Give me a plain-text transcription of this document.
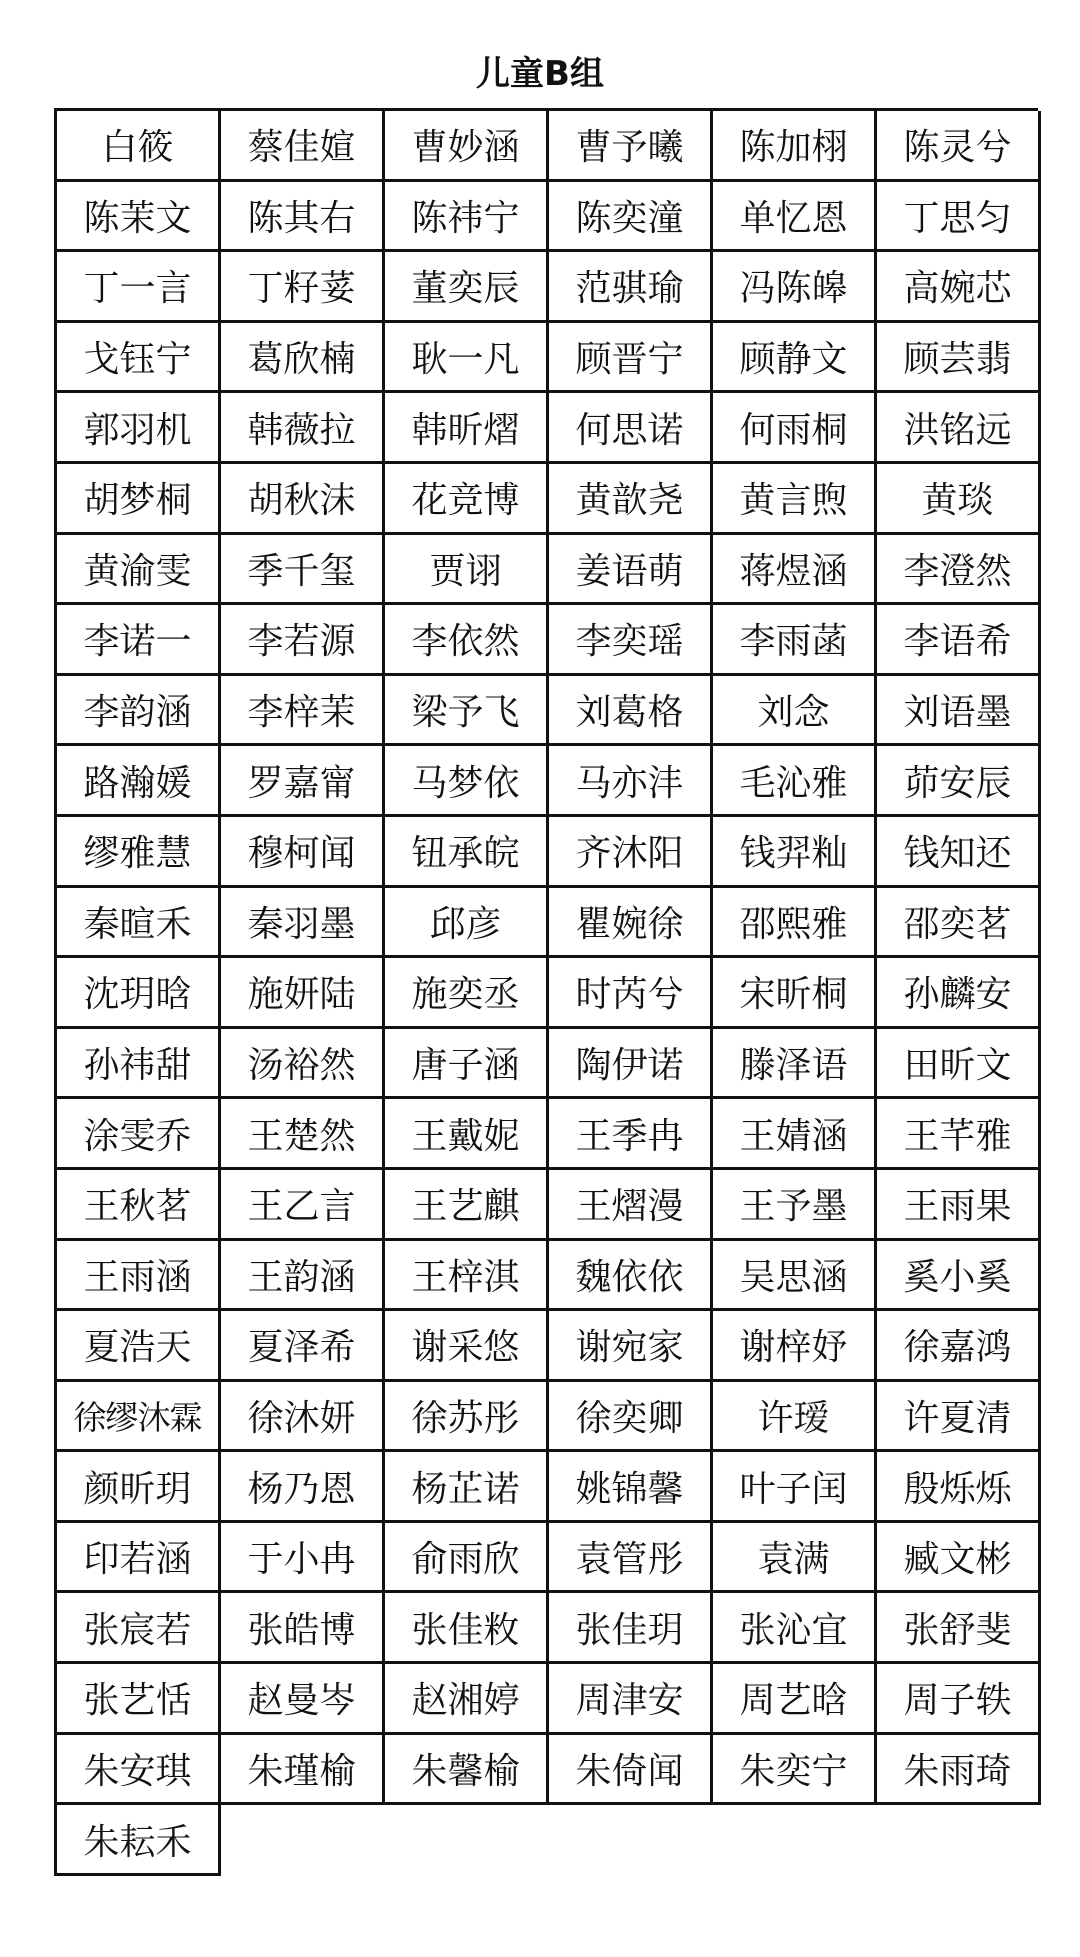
儿童B组
白筱	蔡佳媗	曹妙涵	曹予曦	陈加栩	陈灵兮
陈茉文	陈其右	陈祎宁	陈奕潼	单忆恩	丁思匀
丁一言	丁籽荽	董奕辰	范骐瑜	冯陈皞	高婉芯
戈钰宁	葛欣楠	耿一凡	顾晋宁	顾静文	顾芸翡
郭羽机	韩薇拉	韩昕熠	何思诺	何雨桐	洪铭远
胡梦桐	胡秋沫	花竞博	黄歆尧	黄言煦	黄琰
黄渝雯	季千玺	贾诩	姜语萌	蒋煜涵	李澄然
李诺一	李若源	李依然	李奕瑶	李雨菡	李语希
李韵涵	李梓茉	梁予飞	刘葛格	刘念	刘语墨
路瀚媛	罗嘉甯	马梦依	马亦沣	毛沁雅	茆安辰
缪雅慧	穆柯闻	钮承皖	齐沐阳	钱羿籼	钱知还
秦暄禾	秦羽墨	邱彦	瞿婉徐	邵熙雅	邵奕茗
沈玥晗	施妍陆	施奕丞	时芮兮	宋昕桐	孙麟安
孙祎甜	汤裕然	唐子涵	陶伊诺	滕泽语	田昕文
涂雯乔	王楚然	王戴妮	王季冉	王婧涵	王芊雅
王秋茗	王乙言	王艺麒	王熠漫	王予墨	王雨果
王雨涵	王韵涵	王梓淇	魏依依	吴思涵	奚小奚
夏浩天	夏泽希	谢采悠	谢宛家	谢梓妤	徐嘉鸿
徐缪沐霖	徐沐妍	徐苏彤	徐奕卿	许瑷	许夏清
颜昕玥	杨乃恩	杨芷诺	姚锦馨	叶子闰	殷烁烁
印若涵	于小冉	俞雨欣	袁管彤	袁满	臧文彬
张宸若	张皓博	张佳敉	张佳玥	张沁宜	张舒斐
张艺恬	赵曼岑	赵湘婷	周津安	周艺晗	周子轶
朱安琪	朱瑾榆	朱馨榆	朱倚闻	朱奕宁	朱雨琦
朱耘禾
